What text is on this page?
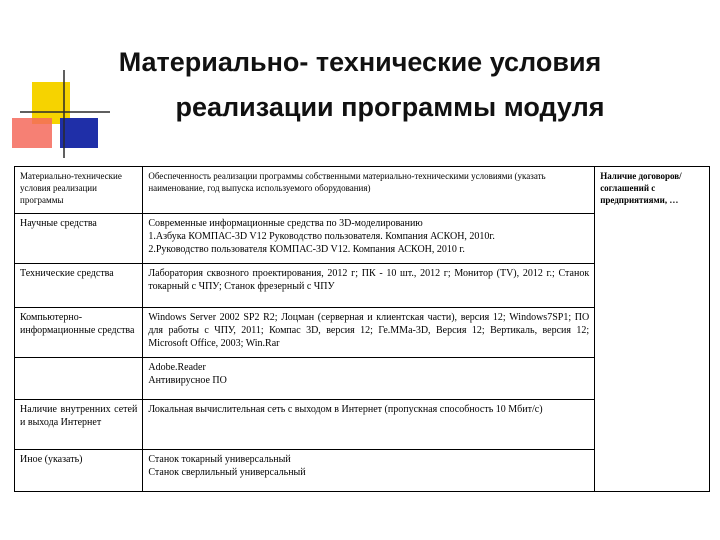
Материально- технические условия
реализации программы модуля
Материально-технические условия реализации программы	Обеспеченность реализации программы собственными материально-техническими условиями (указать наименование, год выпуска используемого оборудования)	Наличие договоров/ соглашений с предприятиями, …
Научные средства	Современные информационные средства по 3D-моделированию
1.Азбука КОМПАС-3D V12 Руководство пользователя. Компания АСКОН, 2010г.
2.Руководство пользователя КОМПАС-3D V12. Компания АСКОН, 2010 г.	

Технические средства	Лаборатория сквозного проектирования, 2012 г; ПК - 10 шт., 2012 г; Монитор (TV), 2012 г.; Станок токарный с ЧПУ; Станок фрезерный с ЧПУ	
Компьютерно-информационные средства	Windows Server 2002 SP2 R2; Лоцман (серверная и клиентская части), версия 12; Windows7SP1; ПО для работы с ЧПУ, 2011; Компас 3D, версия 12; Ге.ММа-3D, Версия 12; Вертикаль, версия 12; Microsoft Office, 2003; Win.Rar	

	Adobe.Reader
Антивирусное ПО	

Наличие внутренних сетей и выхода Интернет	Локальная вычислительная сеть с выходом в Интернет (пропускная способность 10 Мбит/с)	
Иное (указать)	Станок токарный универсальный
Станок сверлильный универсальный	
